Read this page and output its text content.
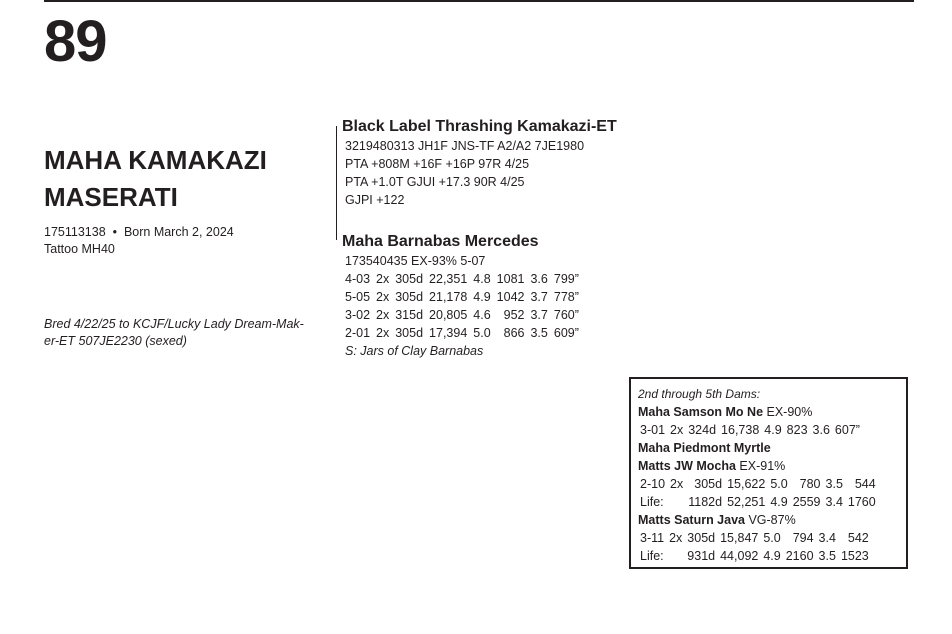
89
MAHA KAMAKAZI
MASERATI
175113138 • Born March 2, 2024
Tattoo MH40
Bred 4/22/25 to KCJF/Lucky Lady Dream-Mak-
er-ET 507JE2230 (sexed)
Black Label Thrashing Kamakazi-ET
3219480313 JH1F JNS-TF A2/A2 7JE1980
PTA +808M +16F +16P 97R 4/25
PTA +1.0T GJUI +17.3 90R 4/25
GJPI +122
Maha Barnabas Mercedes
173540435 EX-93% 5-07
4-03	2x	305d	22,351	4.8	1081	3.6	799”
5-05	2x	305d	21,178	4.9	1042	3.7	778”
3-02	2x	315d	20,805	4.6	952	3.7	760”
2-01	2x	305d	17,394	5.0	866	3.5	609”
S: Jars of Clay Barnabas
2nd through 5th Dams:
Maha Samson Mo Ne EX-90%
3-01	2x	324d	16,738	4.9	823	3.6	607”
Maha Piedmont Myrtle
Matts JW Mocha EX-91%
2-10	2x	305d	15,622	5.0	780	3.5	544
Life:		1182d	52,251	4.9	2559	3.4	1760
Matts Saturn Java VG-87%
3-11	2x	305d	15,847	5.0	794	3.4	542
Life:		931d	44,092	4.9	2160	3.5	1523
